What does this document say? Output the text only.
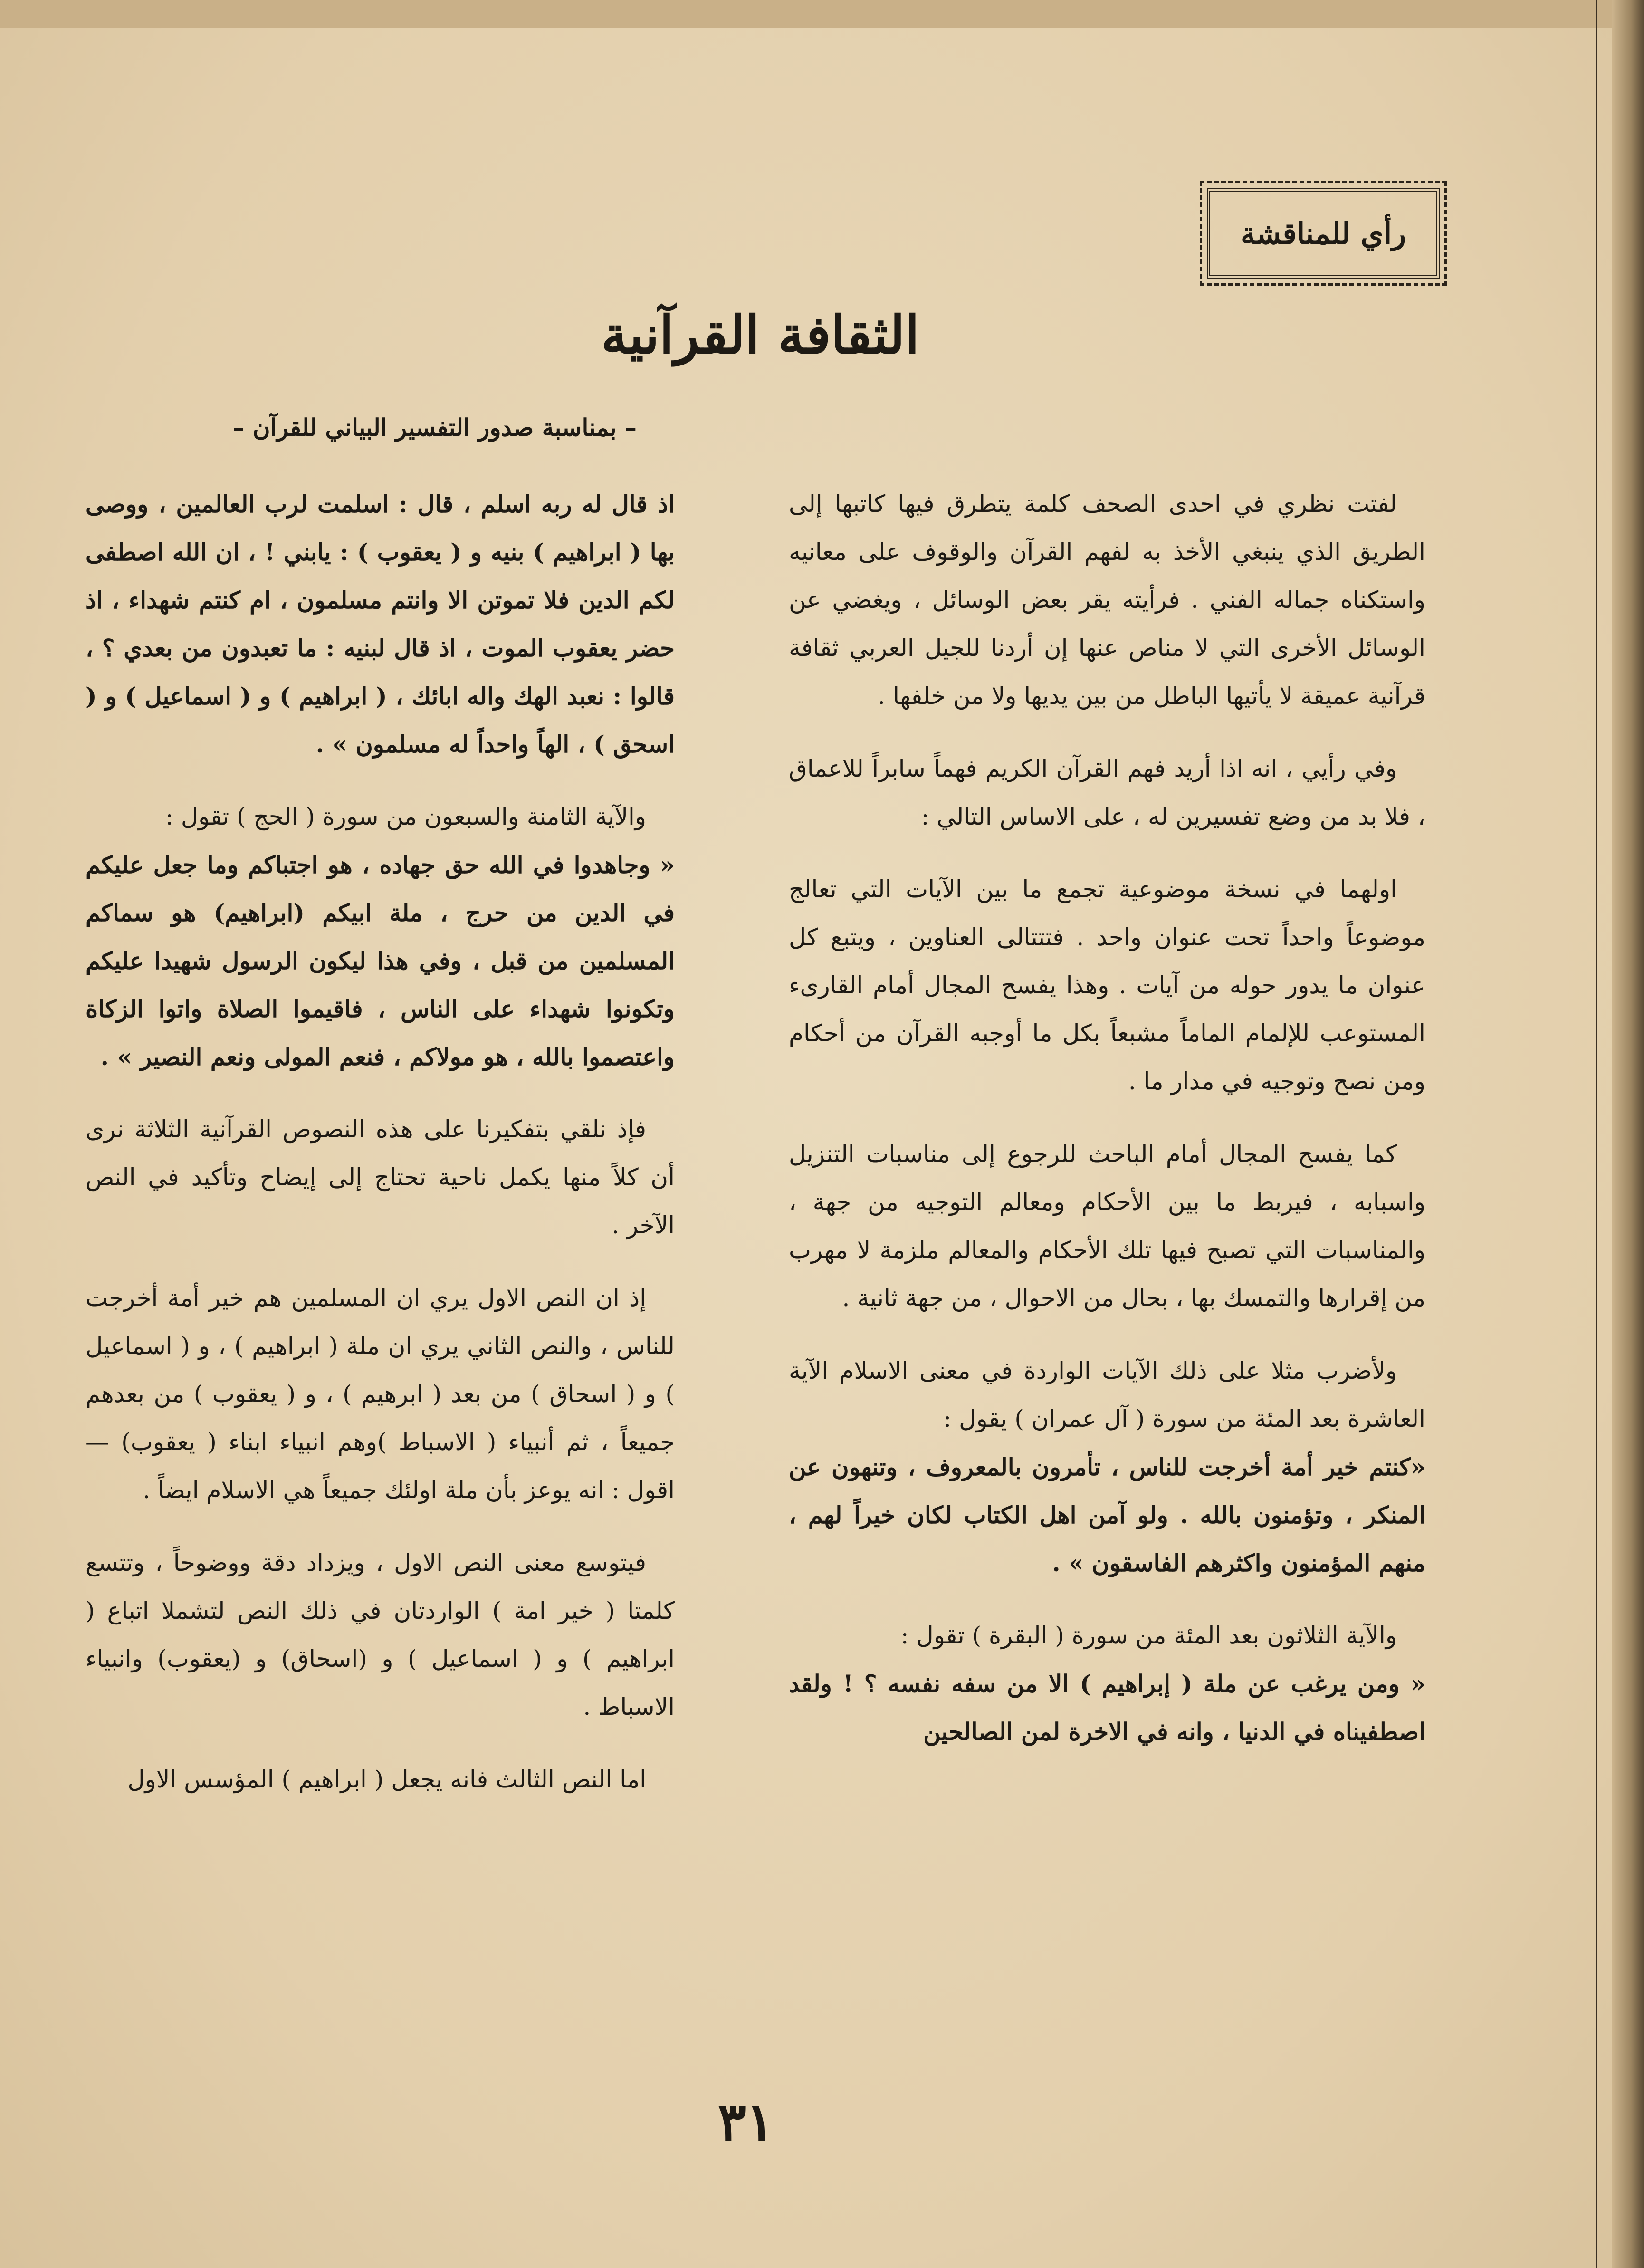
رأي للمناقشة
الثقافة القرآنية

– بمناسبة صدور التفسير البياني للقرآن –

لفتت نظري في احدى الصحف كلمة يتطرق فيها كاتبها إلى الطريق الذي ينبغي الأخذ به لفهم القرآن والوقوف على معانيه واستكناه جماله الفني . فرأيته يقر بعض الوسائل ، ويغضي عن الوسائل الأخرى التي لا مناص عنها إن أردنا للجيل العربي ثقافة قرآنية عميقة لا يأتيها الباطل من بين يديها ولا من خلفها .

وفي رأيي ، انه اذا أريد فهم القرآن الكريم فهماً سابراً للاعماق ، فلا بد من وضع تفسيرين له ، على الاساس التالي :

اولهما في نسخة موضوعية تجمع ما بين الآيات التي تعالج موضوعاً واحداً تحت عنوان واحد . فتتتالى العناوين ، ويتبع كل عنوان ما يدور حوله من آيات . وهذا يفسح المجال أمام القارىء المستوعب للإلمام الماماً مشبعاً بكل ما أوجبه القرآن من أحكام ومن نصح وتوجيه في مدار ما .

كما يفسح المجال أمام الباحث للرجوع إلى مناسبات التنزيل واسبابه ، فيربط ما بين الأحكام ومعالم التوجيه من جهة ، والمناسبات التي تصبح فيها تلك الأحكام والمعالم ملزمة لا مهرب من إقرارها والتمسك بها ، بحال من الاحوال ، من جهة ثانية .

ولأضرب مثلا على ذلك الآيات الواردة في معنى الاسلام الآية العاشرة بعد المئة من سورة ( آل عمران ) يقول :

«كنتم خير أمة أخرجت للناس ، تأمرون بالمعروف ، وتنهون عن المنكر ، وتؤمنون بالله . ولو آمن اهل الكتاب لكان خيراً لهم ، منهم المؤمنون واكثرهم الفاسقون » .

والآية الثلاثون بعد المئة من سورة ( البقرة ) تقول :

« ومن يرغب عن ملة ( إبراهيم ) الا من سفه نفسه ؟ ! ولقد اصطفيناه في الدنيا ، وانه في الاخرة لمن الصالحين

اذ قال له ربه اسلم ، قال : اسلمت لرب العالمين ، ووصى بها ( ابراهيم ) بنيه و ( يعقوب ) : يابني ! ، ان الله اصطفى لكم الدين فلا تموتن الا وانتم مسلمون ، ام كنتم شهداء ، اذ حضر يعقوب الموت ، اذ قال لبنيه : ما تعبدون من بعدي ؟ ، قالوا : نعبد الهك واله ابائك ، ( ابراهيم ) و ( اسماعيل ) و ( اسحق ) ، الهاً واحداً له مسلمون » .

والآية الثامنة والسبعون من سورة ( الحج ) تقول :

« وجاهدوا في الله حق جهاده ، هو اجتباكم وما جعل عليكم في الدين من حرج ، ملة ابيكم (ابراهيم) هو سماكم المسلمين من قبل ، وفي هذا ليكون الرسول شهيدا عليكم وتكونوا شهداء على الناس ، فاقيموا الصلاة واتوا الزكاة واعتصموا بالله ، هو مولاكم ، فنعم المولى ونعم النصير » .

فإذ نلقي بتفكيرنا على هذه النصوص القرآنية الثلاثة نرى أن كلاً منها يكمل ناحية تحتاج إلى إيضاح وتأكيد في النص الآخر .

إذ ان النص الاول يري ان المسلمين هم خير أمة أخرجت للناس ، والنص الثاني يري ان ملة ( ابراهيم ) ، و ( اسماعيل ) و ( اسحاق ) من بعد ( ابرهيم ) ، و ( يعقوب ) من بعدهم جميعاً ، ثم أنبياء ( الاسباط )وهم انبياء ابناء ( يعقوب) — اقول : انه يوعز بأن ملة اولئك جميعاً هي الاسلام ايضاً .

فيتوسع معنى النص الاول ، ويزداد دقة ووضوحاً ، وتتسع كلمتا ( خير امة ) الواردتان في ذلك النص لتشملا اتباع ( ابراهيم ) و ( اسماعيل ) و (اسحاق) و (يعقوب) وانبياء الاسباط .

اما النص الثالث فانه يجعل ( ابراهيم ) المؤسس الاول

٣١
